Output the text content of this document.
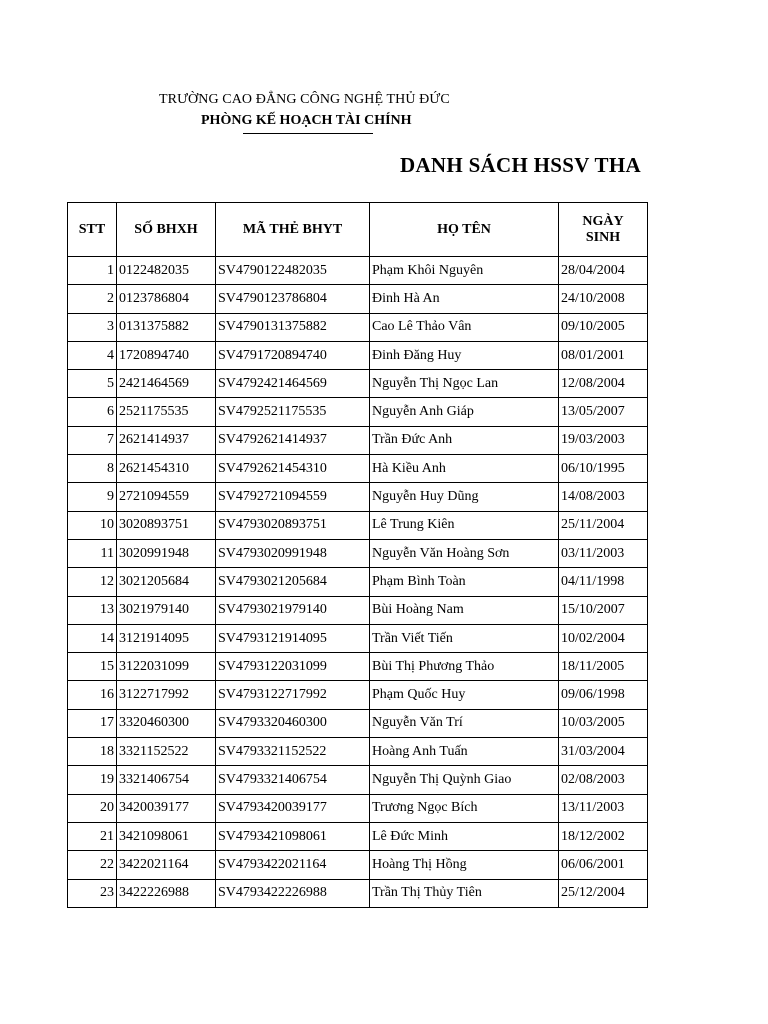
TRƯỜNG CAO ĐẲNG CÔNG NGHỆ THỦ ĐỨC
PHÒNG KẾ HOẠCH TÀI CHÍNH
DANH SÁCH HSSV THA
STT	SỐ BHXH	MÃ THẺ BHYT	HỌ TÊN	NGÀY
SINH
1	0122482035	SV4790122482035	Phạm Khôi Nguyên	28/04/2004
2	0123786804	SV4790123786804	Đinh Hà An	24/10/2008
3	0131375882	SV4790131375882	Cao Lê Thảo Vân	09/10/2005
4	1720894740	SV4791720894740	Đinh Đăng Huy	08/01/2001
5	2421464569	SV4792421464569	Nguyễn Thị Ngọc Lan	12/08/2004
6	2521175535	SV4792521175535	Nguyễn Anh Giáp	13/05/2007
7	2621414937	SV4792621414937	Trần Đức Anh	19/03/2003
8	2621454310	SV4792621454310	Hà Kiều Anh	06/10/1995
9	2721094559	SV4792721094559	Nguyễn Huy Dũng	14/08/2003
10	3020893751	SV4793020893751	Lê Trung Kiên	25/11/2004
11	3020991948	SV4793020991948	Nguyễn Văn Hoàng Sơn	03/11/2003
12	3021205684	SV4793021205684	Phạm Bình Toàn	04/11/1998
13	3021979140	SV4793021979140	Bùi Hoàng Nam	15/10/2007
14	3121914095	SV4793121914095	Trần Viết Tiến	10/02/2004
15	3122031099	SV4793122031099	Bùi Thị Phương Thảo	18/11/2005
16	3122717992	SV4793122717992	Phạm Quốc Huy	09/06/1998
17	3320460300	SV4793320460300	Nguyễn Văn Trí	10/03/2005
18	3321152522	SV4793321152522	Hoàng Anh Tuấn	31/03/2004
19	3321406754	SV4793321406754	Nguyễn Thị Quỳnh Giao	02/08/2003
20	3420039177	SV4793420039177	Trương Ngọc Bích	13/11/2003
21	3421098061	SV4793421098061	Lê Đức Minh	18/12/2002
22	3422021164	SV4793422021164	Hoàng Thị Hồng	06/06/2001
23	3422226988	SV4793422226988	Trần Thị Thủy Tiên	25/12/2004
